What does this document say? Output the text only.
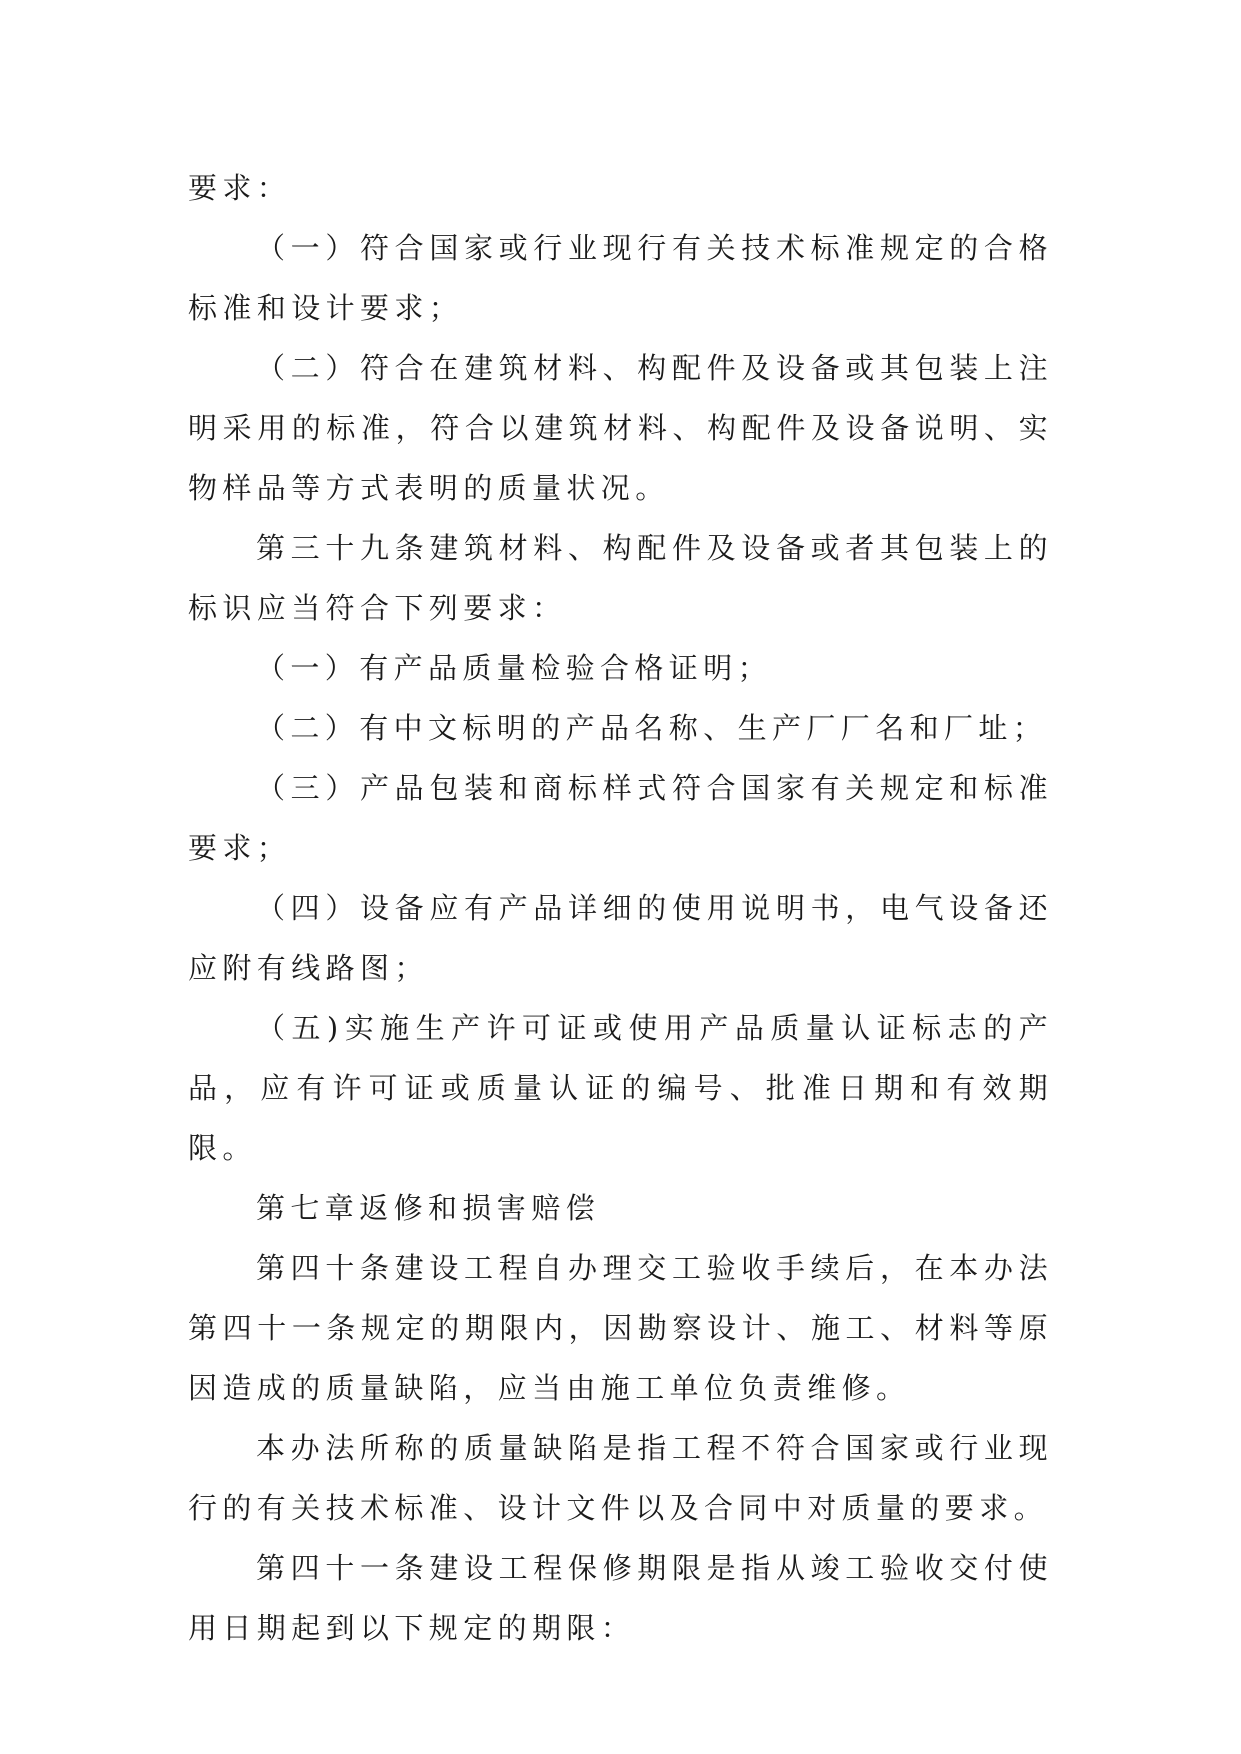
要求：

（一）符合国家或行业现行有关技术标准规定的合格标准和设计要求；

（二）符合在建筑材料、构配件及设备或其包装上注明采用的标准，符合以建筑材料、构配件及设备说明、实物样品等方式表明的质量状况。

第三十九条建筑材料、构配件及设备或者其包装上的标识应当符合下列要求：

（一）有产品质量检验合格证明；

（二）有中文标明的产品名称、生产厂厂名和厂址；

（三）产品包装和商标样式符合国家有关规定和标准要求；

（四）设备应有产品详细的使用说明书，电气设备还应附有线路图；

（五)实施生产许可证或使用产品质量认证标志的产品，应有许可证或质量认证的编号、批准日期和有效期限。

第七章返修和损害赔偿

第四十条建设工程自办理交工验收手续后，在本办法第四十一条规定的期限内，因勘察设计、施工、材料等原因造成的质量缺陷，应当由施工单位负责维修。

本办法所称的质量缺陷是指工程不符合国家或行业现行的有关技术标准、设计文件以及合同中对质量的要求。

第四十一条建设工程保修期限是指从竣工验收交付使用日期起到以下规定的期限：
